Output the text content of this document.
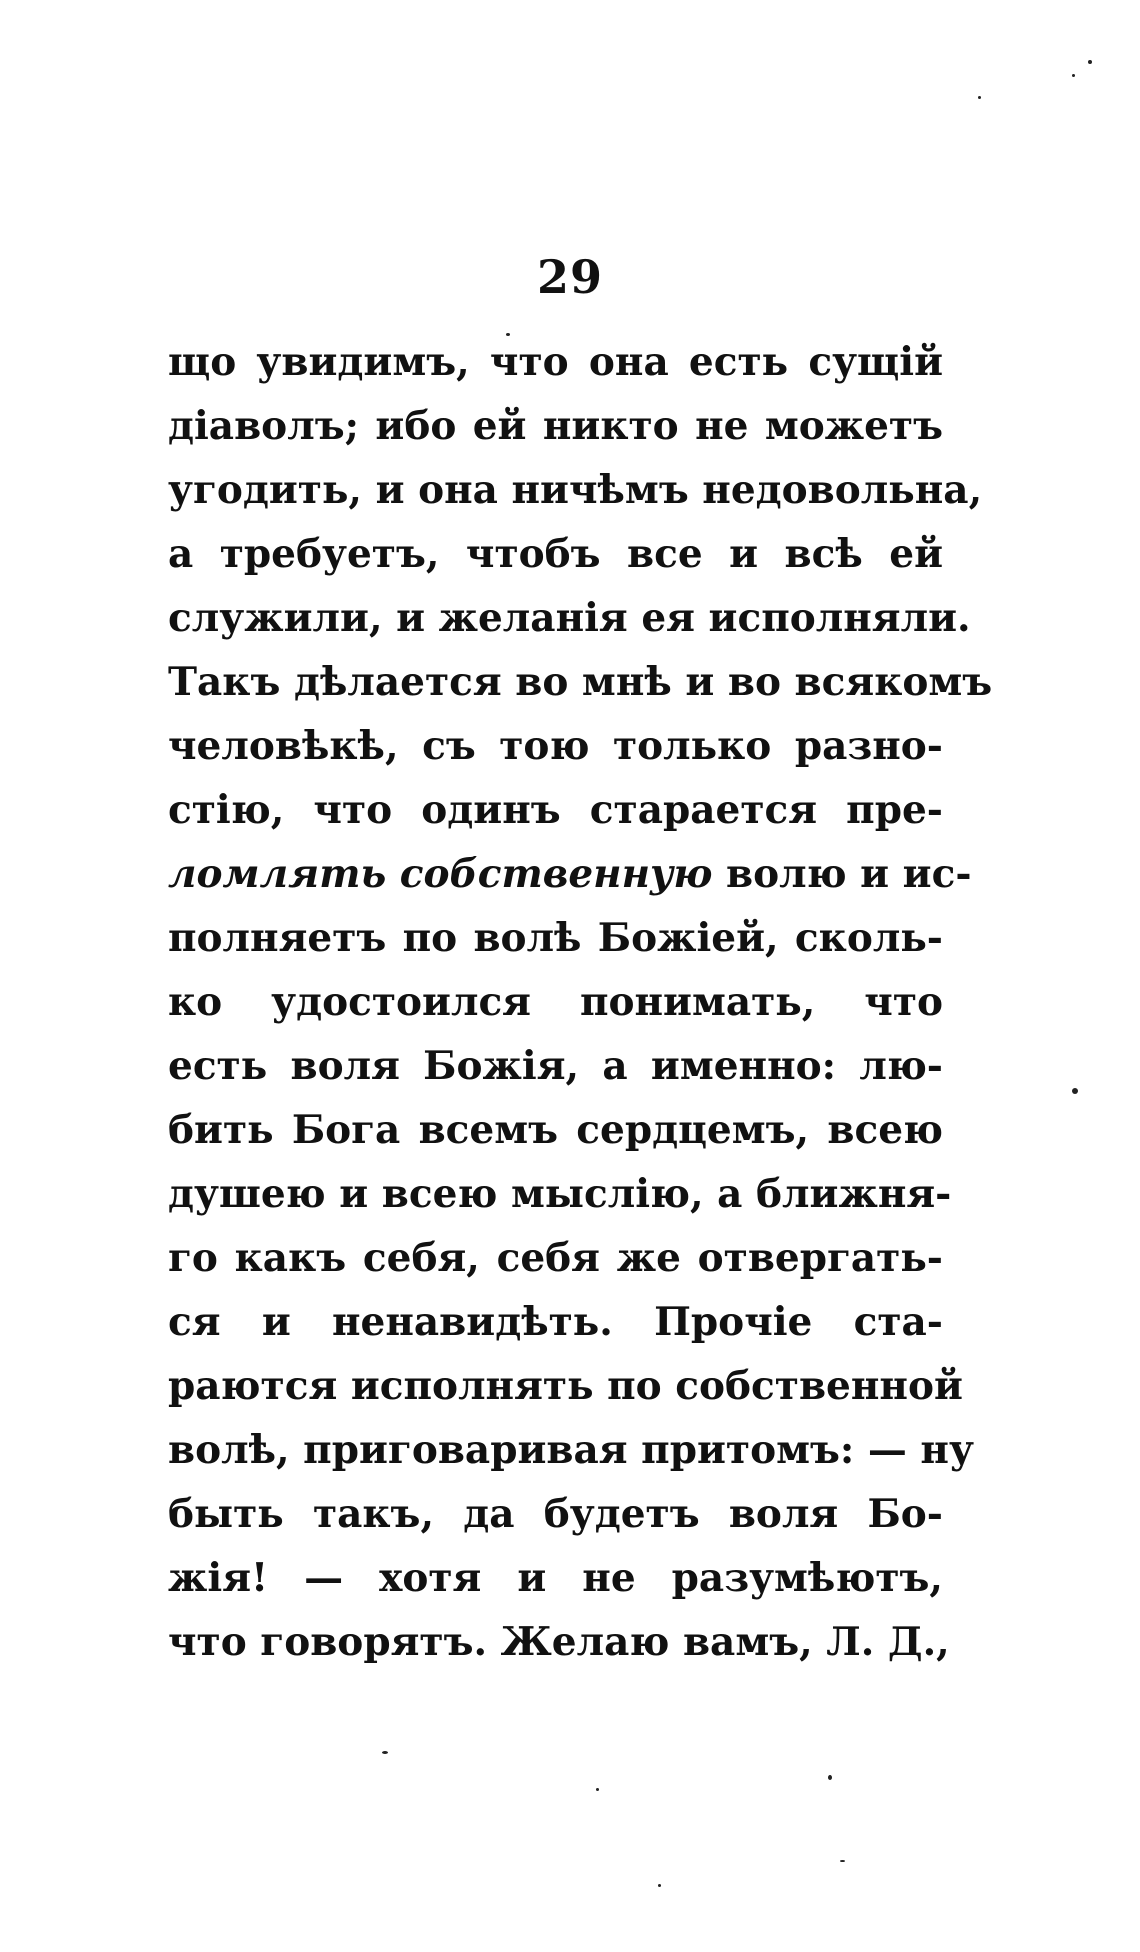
29
що увидимъ, что она есть сущій
діаволъ; ибо ей никто не можетъ
угодить, и она ничѣмъ недовольна,
а требуетъ, чтобъ все и всѣ ей
служили, и желанія ея исполняли.
Такъ дѣлается во мнѣ и во всякомъ
человѣкѣ, съ тою только разно-
стію, что одинъ старается пре-
ломлять собственную волю и ис-
полняетъ по волѣ Божіей, сколь-
ко удостоился понимать, что
есть воля Божія, а именно: лю-
бить Бога всемъ сердцемъ, всею
душею и всею мыслію, а ближня-
го какъ себя, себя же отвергать-
ся и ненавидѣть. Прочіе ста-
раются исполнять по собственной
волѣ, приговаривая притомъ: — ну
быть такъ, да будетъ воля Бо-
жія! — хотя и не разумѣютъ,
что говорятъ. Желаю вамъ, Л. Д.,
